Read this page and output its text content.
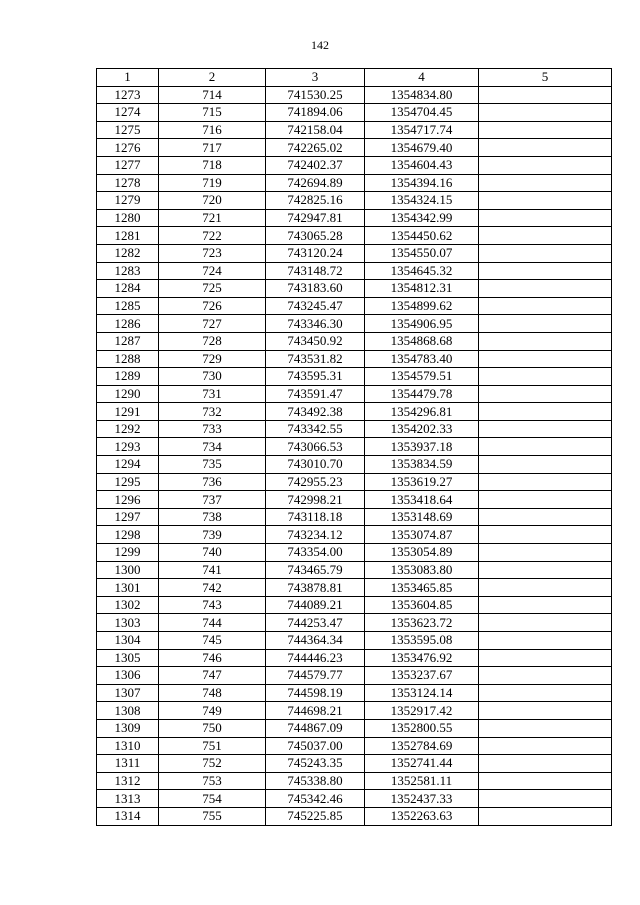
142
1	2	3	4	5
1273	714	741530.25	1354834.80	
1274	715	741894.06	1354704.45	
1275	716	742158.04	1354717.74	
1276	717	742265.02	1354679.40	
1277	718	742402.37	1354604.43	
1278	719	742694.89	1354394.16	
1279	720	742825.16	1354324.15	
1280	721	742947.81	1354342.99	
1281	722	743065.28	1354450.62	
1282	723	743120.24	1354550.07	
1283	724	743148.72	1354645.32	
1284	725	743183.60	1354812.31	
1285	726	743245.47	1354899.62	
1286	727	743346.30	1354906.95	
1287	728	743450.92	1354868.68	
1288	729	743531.82	1354783.40	
1289	730	743595.31	1354579.51	
1290	731	743591.47	1354479.78	
1291	732	743492.38	1354296.81	
1292	733	743342.55	1354202.33	
1293	734	743066.53	1353937.18	
1294	735	743010.70	1353834.59	
1295	736	742955.23	1353619.27	
1296	737	742998.21	1353418.64	
1297	738	743118.18	1353148.69	
1298	739	743234.12	1353074.87	
1299	740	743354.00	1353054.89	
1300	741	743465.79	1353083.80	
1301	742	743878.81	1353465.85	
1302	743	744089.21	1353604.85	
1303	744	744253.47	1353623.72	
1304	745	744364.34	1353595.08	
1305	746	744446.23	1353476.92	
1306	747	744579.77	1353237.67	
1307	748	744598.19	1353124.14	
1308	749	744698.21	1352917.42	
1309	750	744867.09	1352800.55	
1310	751	745037.00	1352784.69	
1311	752	745243.35	1352741.44	
1312	753	745338.80	1352581.11	
1313	754	745342.46	1352437.33	
1314	755	745225.85	1352263.63	
